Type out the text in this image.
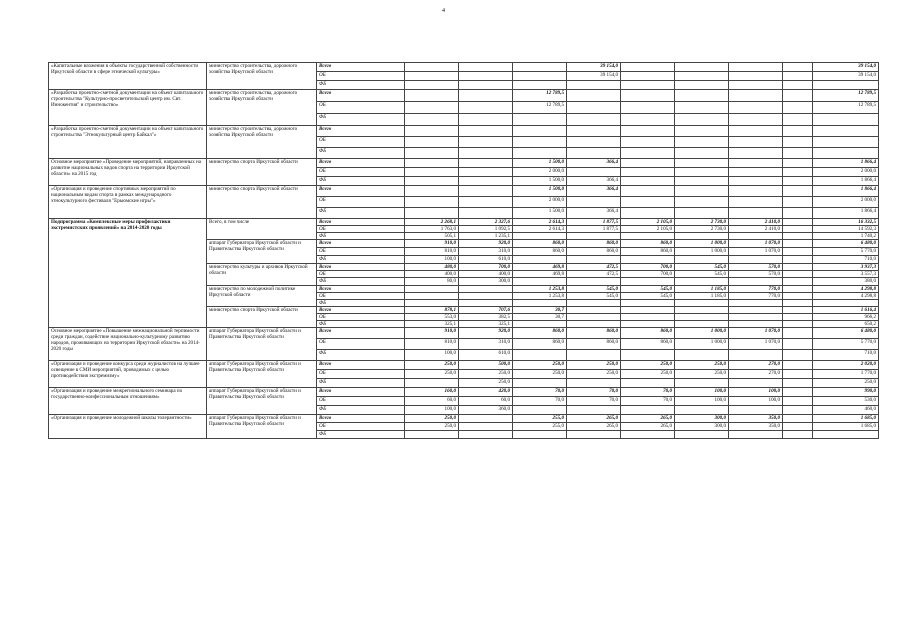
4
«Капитальные вложения в объекты государственной собственности Иркутской области в сфере этнической культуры»	министерство строительства, дорожного хозяйства Иркутской области	Всего				39 154,0					39 154,0
		ОБ				39 154,0					39 154,0
		ФБ									
«Разработка проектно-сметной документации на объект капитального строительства "Культурно-просветительский центр им. Свт. Иннокентия" и строительство»	министерство строительства, дорожного хозяйства Иркутской области	Всего			12 789,5						12 789,5
		ОБ			12 789,5						12 789,5
		ФБ									
«Разработка проектно-сметной документации на объект капитального строительства "Этнокультурный центр Байкал"»	министерство строительства, дорожного хозяйства Иркутской области	Всего									
		ОБ									
		ФБ									
Основное мероприятие «Проведение мероприятий, направленных на развитие национальных видов спорта на территории Иркутской области» на 2015 год	министерство спорта Иркутской области	Всего			1 500,0	366,4					1 866,4
		ОБ			2 000,0						2 000,0
		ФБ			1 500,0	366,4					1 866,4
«Организация и проведение спортивных мероприятий по национальным видам спорта в рамках международного этнокультурного фестиваля "Ерьюмские игры"»	министерство спорта Иркутской области	Всего			1 500,0	366,4					1 866,4
		ОБ			2 000,0						2 000,0
		ФБ			1 500,0	366,4					1 866,4
Подпрограмма «Комплексные меры профилактики экстремистских проявлений» на 2014-2020 годы	Всего, в том числе	Всего	2 268,1	2 327,6	2 614,3	1 877,5	2 105,0	2 730,0	2 410,0		16 332,5
		ОБ	1 763,0	1 092,5	2 614,3	1 877,5	2 105,0	2 730,0	2 410,0		14 592,3
		ФБ	505,1	1 235,1							1 740,2
	аппарат Губернатора Иркутской области и Правительства Иркутской области	Всего	910,0	920,0	860,0	860,0	860,0	1 000,0	1 070,0		6 480,0
		ОБ	810,0	310,0	860,0	860,0	860,0	1 000,0	1 070,0		5 770,0
		ФБ	100,0	610,0							710,0
	министерство культуры и архивов Иркутской области	Всего	480,0	700,0	469,8	472,5	700,0	545,0	570,0		3 937,3
		ОБ	400,0	400,0	469,8	472,5	700,0	545,0	570,0		3 557,3
		ФБ	80,0	300,0							380,0
	министерство по молодежной политике Иркутской области	Всего			1 253,8	545,0	545,0	1 185,0	770,0		4 298,8
		ОБ			1 253,8	545,0	545,0	1 185,0	770,0		4 298,8
		ФБ									
	министерство спорта Иркутской области	Всего	878,1	707,6	30,7						1 616,4
		ОБ	553,0	382,5	30,7						966,2
		ФБ	325,1	325,1							650,2
Основное мероприятие «Повышение межнациональной терпимости среди граждан, содействие национально-культурному развитию народов, проживающих на территории Иркутской области» на 2014-2020 годы	аппарат Губернатора Иркутской области и Правительства Иркутской области	Всего	910,0	920,0	860,0	860,0	860,0	1 000,0	1 070,0		6 480,0
		ОБ	810,0	310,0	860,0	860,0	860,0	1 000,0	1 070,0		5 770,0
		ФБ	100,0	610,0							710,0
«Организация и проведение конкурса среди журналистов на лучшее освещение в СМИ мероприятий, проводимых с целью противодействия экстремизму»	аппарат Губернатора Иркутской области и Правительства Иркутской области	Всего	250,0	500,0	250,0	250,0	250,0	250,0	270,0		2 020,0
		ОБ	250,0	250,0	250,0	250,0	250,0	250,0	270,0		1 770,0
		ФБ		250,0							250,0
«Организация и проведение межрегионального семинара по государственно-конфессиональным отношениям»	аппарат Губернатора Иркутской области и Правительства Иркутской области	Всего	160,0	420,0	70,0	70,0	70,0	100,0	100,0		990,0
		ОБ	60,0	60,0	70,0	70,0	70,0	100,0	100,0		530,0
		ФБ	100,0	360,0							460,0
«Организация и проведение молодежной школы толерантности»	аппарат Губернатора Иркутской области и Правительства Иркутской области	Всего	250,0		255,0	265,0	265,0	300,0	350,0		1 685,0
		ОБ	250,0		255,0	265,0	265,0	300,0	350,0		1 685,0
		ФБ									
